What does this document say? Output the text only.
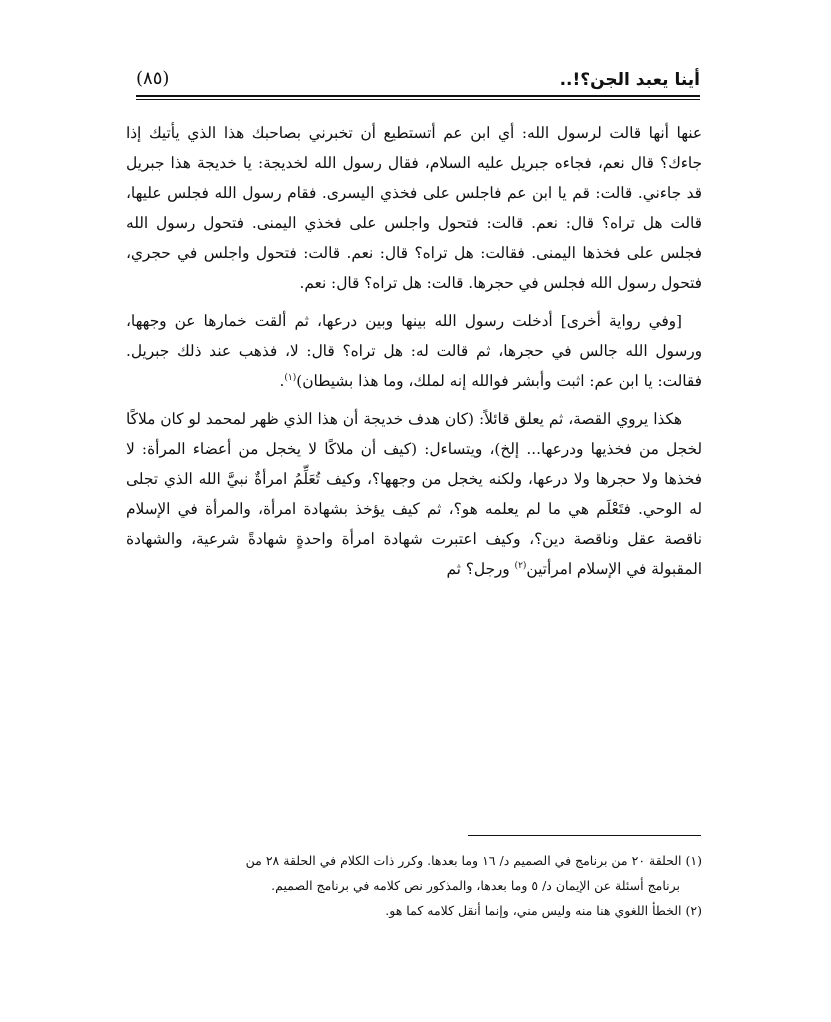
أينا يعبد الجن؟!..
(٨٥)

عنها أنها قالت لرسول الله: أي ابن عم أتستطيع أن تخبرني بصاحبك هذا الذي يأتيك إذا جاءك؟ قال نعم، فجاءه جبريل عليه السلام، فقال رسول الله لخديجة: يا خديجة هذا جبريل قد جاءني. قالت: قم يا ابن عم فاجلس على فخذي اليسرى. فقام رسول الله فجلس عليها، قالت هل تراه؟ قال: نعم. قالت: فتحول واجلس على فخذي اليمنى. فتحول رسول الله فجلس على فخذها اليمنى. فقالت: هل تراه؟ قال: نعم. قالت: فتحول واجلس في حجري، فتحول رسول الله فجلس في حجرها. قالت: هل تراه؟ قال: نعم.

[وفي رواية أخرى] أدخلت رسول الله بينها وبين درعها، ثم ألقت خمارها عن وجهها، ورسول الله جالس في حجرها، ثم قالت له: هل تراه؟ قال: لا، فذهب عند ذلك جبريل. فقالت: يا ابن عم: اثبت وأبشر فوالله إنه لملك، وما هذا بشيطان)$^{(١)}$.

هكذا يروي القصة، ثم يعلق قائلاً: (كان هدف خديجة أن هذا الذي ظهر لمحمد لو كان ملاكًا لخجل من فخذيها ودرعها... إلخ)، ويتساءل: (كيف أن ملاكًا لا يخجل من أعضاء المرأة: لا فخذها ولا حجرها ولا درعها، ولكنه يخجل من وجهها؟، وكيف تُعَلِّمُ امرأةٌ نبيَّ الله الذي تجلى له الوحي. فتَعْلَم هي ما لم يعلمه هو؟، ثم كيف يؤخذ بشهادة امرأة، والمرأة في الإسلام ناقصة عقل وناقصة دين؟، وكيف اعتبرت شهادة امرأة واحدةٍ شهادةً شرعية، والشهادة المقبولة في الإسلام امرأتين$^{(٢)}$ ورجل؟ ثم

(١) الحلقة ٢٠ من برنامج في الصميم د/ ١٦ وما بعدها. وكرر ذات الكلام في الحلقة ٢٨ من

برنامج أسئلة عن الإيمان د/ ٥ وما بعدها، والمذكور نص كلامه في برنامج الصميم.

(٢) الخطأ اللغوي هنا منه وليس مني، وإنما أنقل كلامه كما هو.
